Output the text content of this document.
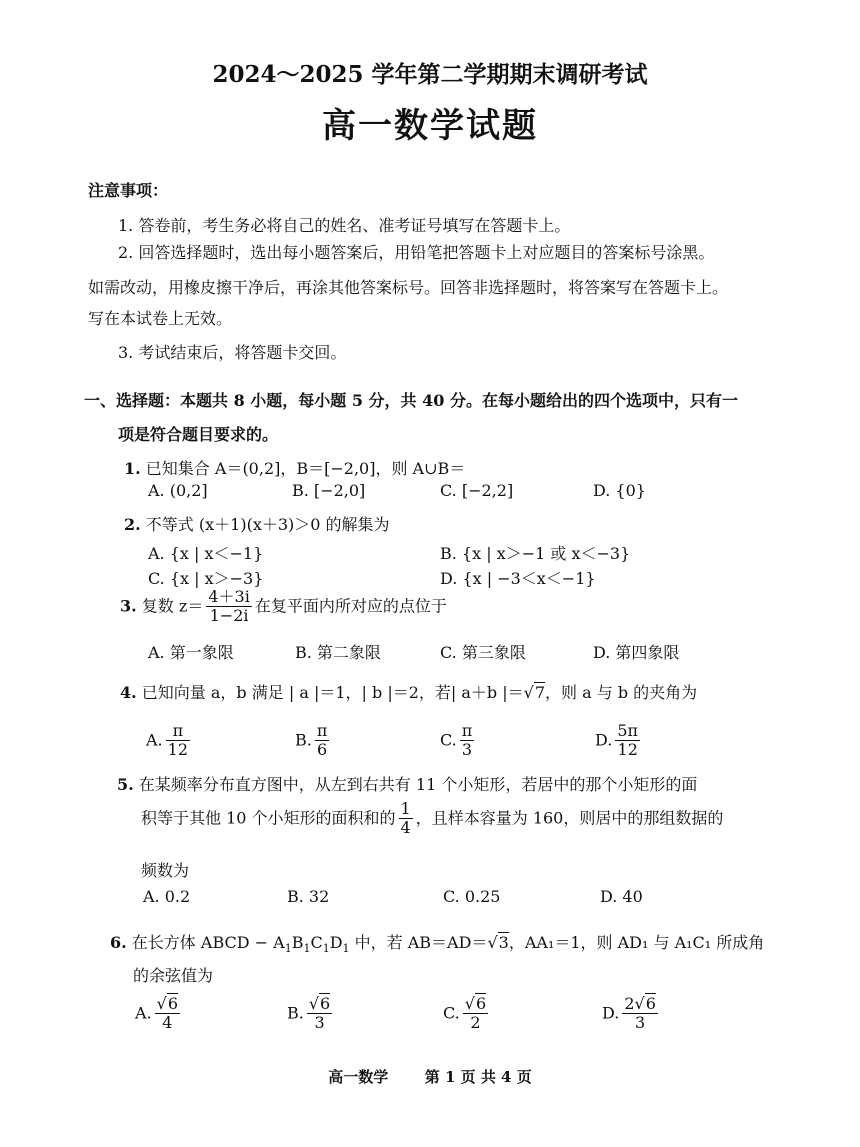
2024～2025 学年第二学期期末调研考试
高一数学试题
注意事项：
1. 答卷前，考生务必将自己的姓名、准考证号填写在答题卡上。
2. 回答选择题时，选出每小题答案后，用铅笔把答题卡上对应题目的答案标号涂黑。
如需改动，用橡皮擦干净后，再涂其他答案标号。回答非选择题时，将答案写在答题卡上。
写在本试卷上无效。
3. 考试结束后，将答题卡交回。
一、选择题：本题共 8 小题，每小题 5 分，共 40 分。在每小题给出的四个选项中，只有一
项是符合题目要求的。
1. 已知集合 A＝(0,2]，B＝[−2,0]，则 A∪B＝
A. (0,2]	B. [−2,0]	C. [−2,2]	D. {0}
2. 不等式 (x＋1)(x＋3)＞0 的解集为
A. {x | x＜−1}	B. {x | x＞−1 或 x＜−3}
C. {x | x＞−3}	D. {x | −3＜x＜−1}
3. 复数 $z= \frac{4+3i}{1-2i}$ 在复平面内所对应的点位于
A. 第一象限	B. 第二象限	C. 第三象限	D. 第四象限
4. 已知向量 a，b 满足 | a |＝1，| b |＝2，若| a＋b |＝√7，则 a 与 b 的夹角为
A. $\frac{\pi}{12}$	B. $\frac{\pi}{6}$	C. $\frac{\pi}{3}$	D. $\frac{5\pi}{12}$
5. 在某频率分布直方图中，从左到右共有 11 个小矩形，若居中的那个小矩形的面
积等于其他 10 个小矩形的面积和的 $\frac{1}{4}$ ，且样本容量为 160，则居中的那组数据的
频数为
A. 0.2	B. 32	C. 0.25	D. 40
6. 在长方体 ABCD − $A_1B_1C_1D_1$ 中，若 AB＝AD＝√3，AA₁＝1，则 AD₁ 与 A₁C₁ 所成角
的余弦值为
A. $\frac{√6}{4}$	B. $\frac{√6}{3}$	C. $\frac{√6}{2}$	D. $\frac{2√6}{3}$
高一数学 第 1 页 共 4 页
